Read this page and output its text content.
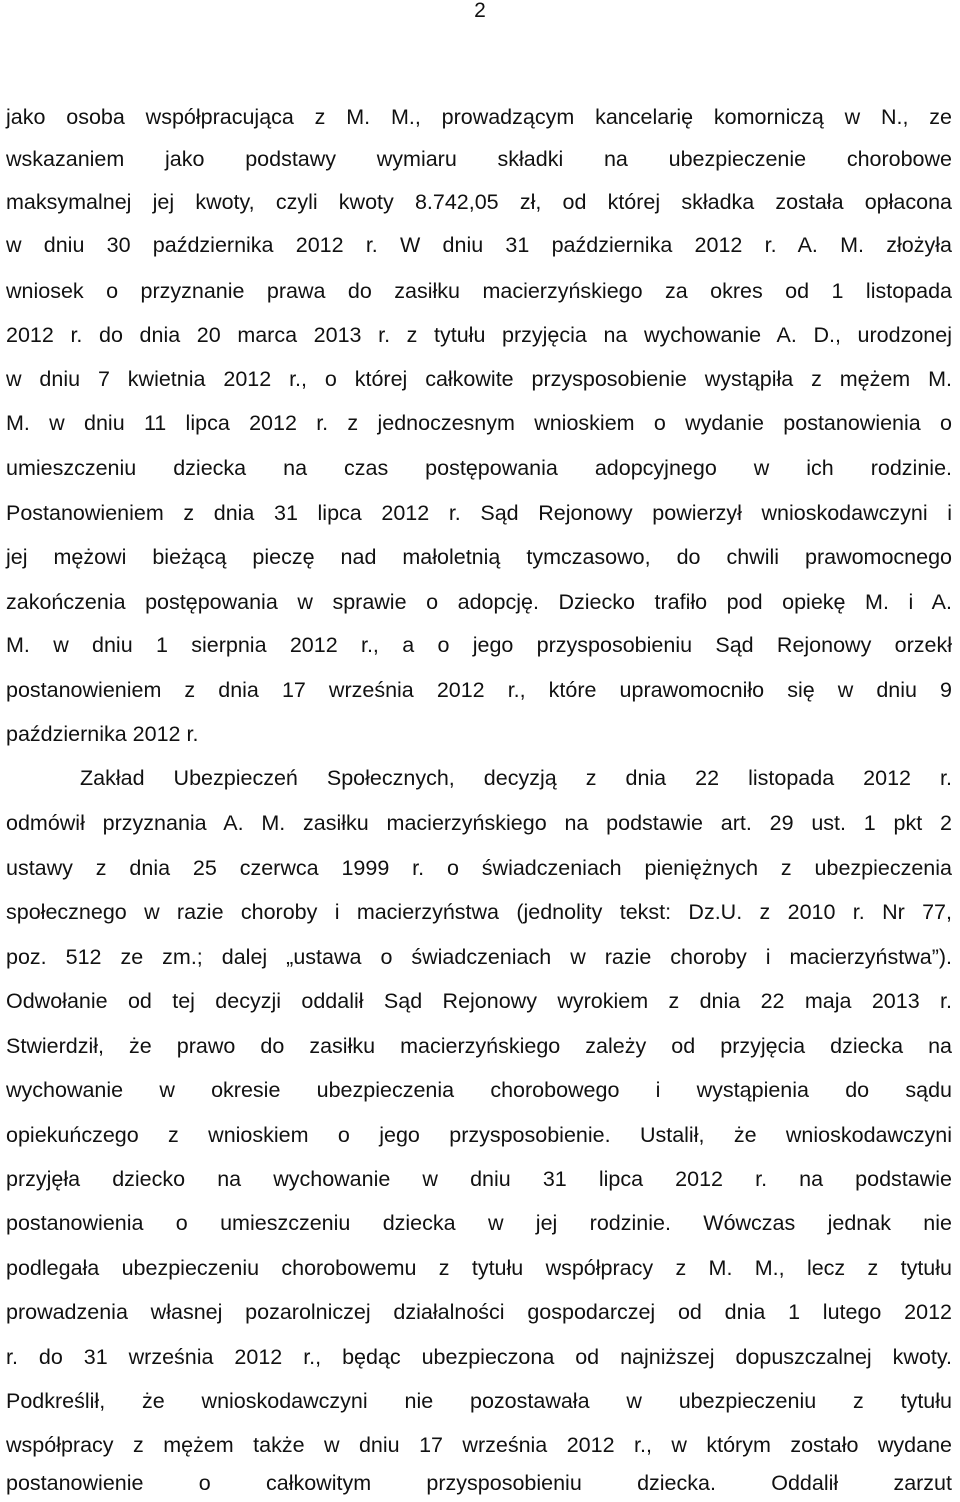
2
jako osoba współpracująca z M. M., prowadzącym kancelarię komorniczą w N., ze
wskazaniem jako podstawy wymiaru składki na ubezpieczenie chorobowe
maksymalnej jej kwoty, czyli kwoty 8.742,05 zł, od której składka została opłacona
w dniu 30 października 2012 r. W dniu 31 października 2012 r. A. M. złożyła
wniosek o przyznanie prawa do zasiłku macierzyńskiego za okres od 1 listopada
2012 r. do dnia 20 marca 2013 r. z tytułu przyjęcia na wychowanie A. D., urodzonej
w dniu 7 kwietnia 2012 r., o której całkowite przysposobienie wystąpiła z mężem M.
M. w dniu 11 lipca 2012 r. z jednoczesnym wnioskiem o wydanie postanowienia o
umieszczeniu dziecka na czas postępowania adopcyjnego w ich rodzinie.
Postanowieniem z dnia 31 lipca 2012 r. Sąd Rejonowy powierzył wnioskodawczyni i
jej mężowi bieżącą pieczę nad małoletnią tymczasowo, do chwili prawomocnego
zakończenia postępowania w sprawie o adopcję. Dziecko trafiło pod opiekę M. i A.
M. w dniu 1 sierpnia 2012 r., a o jego przysposobieniu Sąd Rejonowy orzekł
postanowieniem z dnia 17 września 2012 r., które uprawomocniło się w dniu 9
października 2012 r.
Zakład Ubezpieczeń Społecznych, decyzją z dnia 22 listopada 2012 r.
odmówił przyznania A. M. zasiłku macierzyńskiego na podstawie art. 29 ust. 1 pkt 2
ustawy z dnia 25 czerwca 1999 r. o świadczeniach pieniężnych z ubezpieczenia
społecznego w razie choroby i macierzyństwa (jednolity tekst: Dz.U. z 2010 r. Nr 77,
poz. 512 ze zm.; dalej „ustawa o świadczeniach w razie choroby i macierzyństwa”).
Odwołanie od tej decyzji oddalił Sąd Rejonowy wyrokiem z dnia 22 maja 2013 r.
Stwierdził, że prawo do zasiłku macierzyńskiego zależy od przyjęcia dziecka na
wychowanie w okresie ubezpieczenia chorobowego i wystąpienia do sądu
opiekuńczego z wnioskiem o jego przysposobienie. Ustalił, że wnioskodawczyni
przyjęła dziecko na wychowanie w dniu 31 lipca 2012 r. na podstawie
postanowienia o umieszczeniu dziecka w jej rodzinie. Wówczas jednak nie
podlegała ubezpieczeniu chorobowemu z tytułu współpracy z M. M., lecz z tytułu
prowadzenia własnej pozarolniczej działalności gospodarczej od dnia 1 lutego 2012
r. do 31 września 2012 r., będąc ubezpieczona od najniższej dopuszczalnej kwoty.
Podkreślił, że wnioskodawczyni nie pozostawała w ubezpieczeniu z tytułu
współpracy z mężem także w dniu 17 września 2012 r., w którym zostało wydane
postanowienie o całkowitym przysposobieniu dziecka. Oddalił zarzut
